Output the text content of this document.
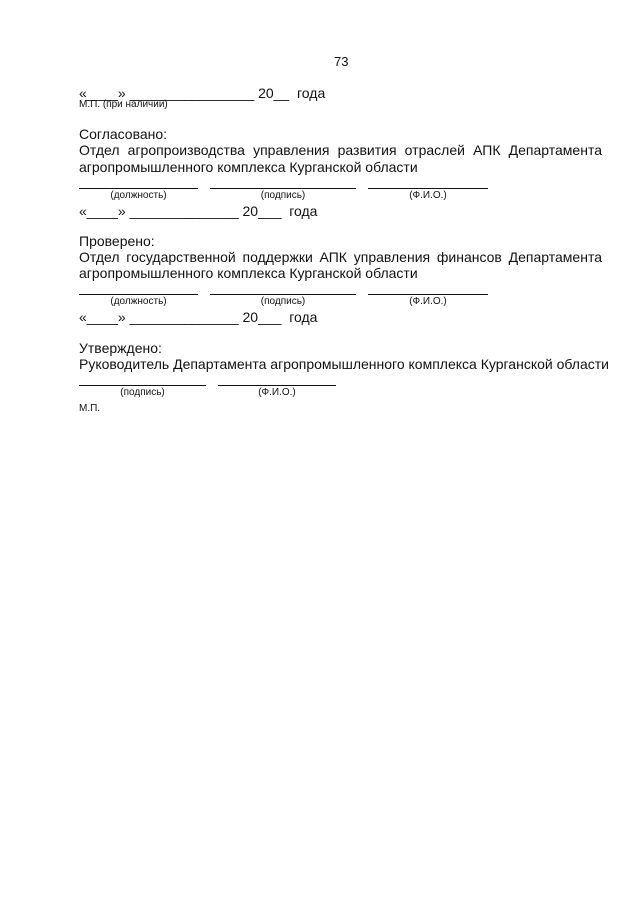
73
«____» ________________ 20__  года
М.П. (при наличии)
Согласовано:
Отдел агропроизводства управления развития отраслей АПК Департамента
агропромышленного комплекса Курганской области
(должность)	(подпись)	(Ф.И.О.)
«____» ______________ 20___  года
Проверено:
Отдел государственной поддержки АПК управления финансов Департамента
агропромышленного комплекса Курганской области
(должность)	(подпись)	(Ф.И.О.)
«____» ______________ 20___  года
Утверждено:
Руководитель Департамента агропромышленного комплекса Курганской области
(подпись)	(Ф.И.О.)
М.П.
